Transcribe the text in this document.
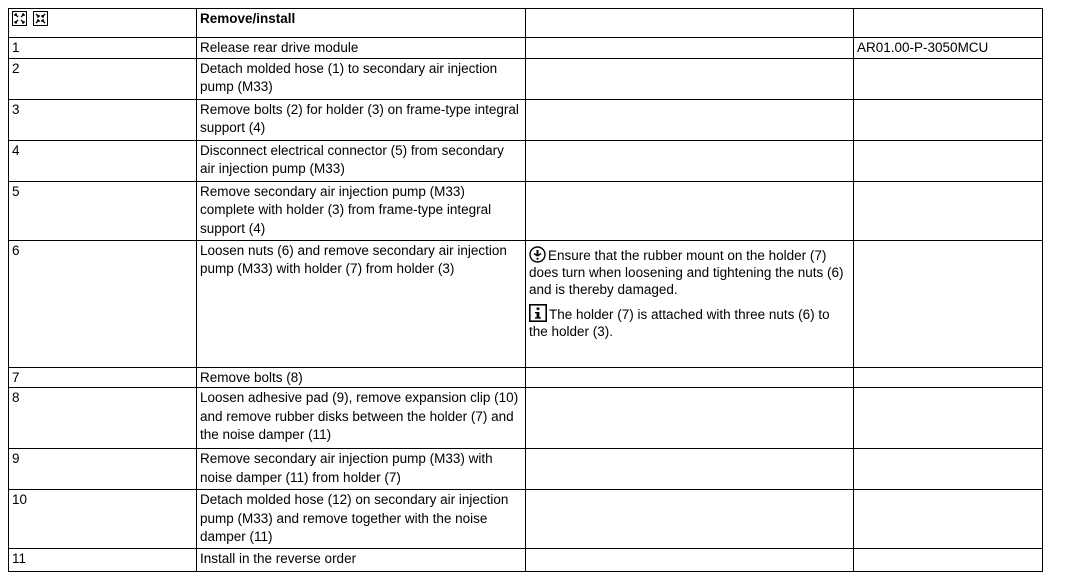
	Remove/install		
1	Release rear drive module		AR01.00-P-3050MCU
2	Detach molded hose (1) to secondary air injection pump (M33)		
3	Remove bolts (2) for holder (3) on frame-type integral support (4)		
4	Disconnect electrical connector (5) from secondary air injection pump (M33)		
5	Remove secondary air injection pump (M33) complete with holder (3) from frame-type integral support (4)		
6	Loosen nuts (6) and remove secondary air injection pump (M33) with holder (7) from holder (3)	Ensure that the rubber mount on the holder (7) does turn when loosening and tightening the nuts (6) and is thereby damaged.
The holder (7) is attached with three nuts (6) to the holder (3).	

7	Remove bolts (8)		
8	Loosen adhesive pad (9), remove expansion clip (10) and remove rubber disks between the holder (7) and the noise damper (11)		
9	Remove secondary air injection pump (M33) with noise damper (11) from holder (7)		
10	Detach molded hose (12) on secondary air injection pump (M33) and remove together with the noise damper (11)		
11	Install in the reverse order		
